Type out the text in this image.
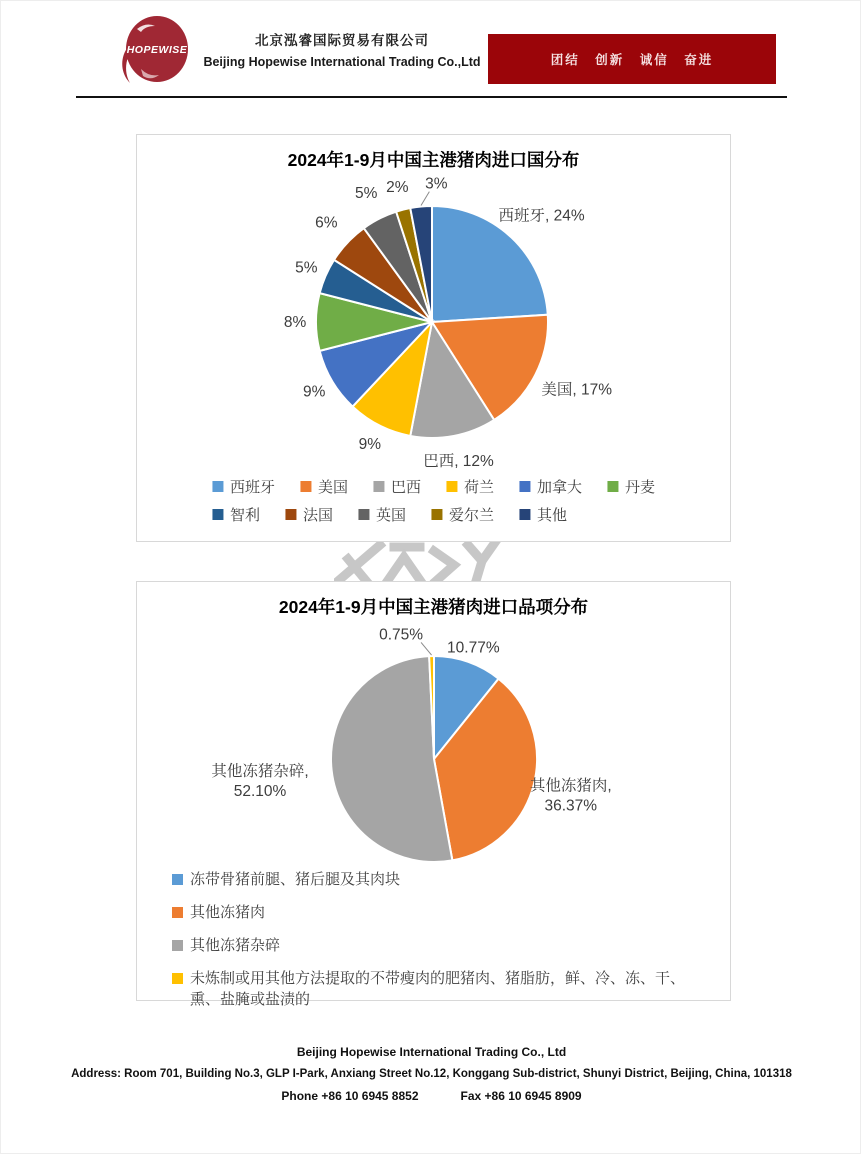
HOPEWISE
北京泓睿国际贸易有限公司
Beijing Hopewise International Trading Co.,Ltd	团结 创新 诚信 奋进
2024年1-9月中国主港猪肉进口国分布
西班牙, 24%
美国, 17%
巴西, 12%
9%
9%
8%
5%
6%
5% 2% 3%
西班牙	美国	巴西	荷兰	加拿大	丹麦
智利	法国	英国	爱尔兰	其他
2024年1-9月中国主港猪肉进口品项分布
10.77%
其他冻猪肉, 36.37%
其他冻猪杂碎, 52.10%
0.75%
冻带骨猪前腿、猪后腿及其肉块
其他冻猪肉
其他冻猪杂碎
未炼制或用其他方法提取的不带瘦肉的肥猪肉、猪脂肪，鲜、冷、冻、干、熏、盐腌或盐渍的
Beijing Hopewise International Trading Co., Ltd
Address: Room 701, Building No.3, GLP I-Park, Anxiang Street No.12, Konggang Sub-district, Shunyi District, Beijing, China, 101318
Phone +86 10 6945 8852	Fax +86 10 6945 8909
